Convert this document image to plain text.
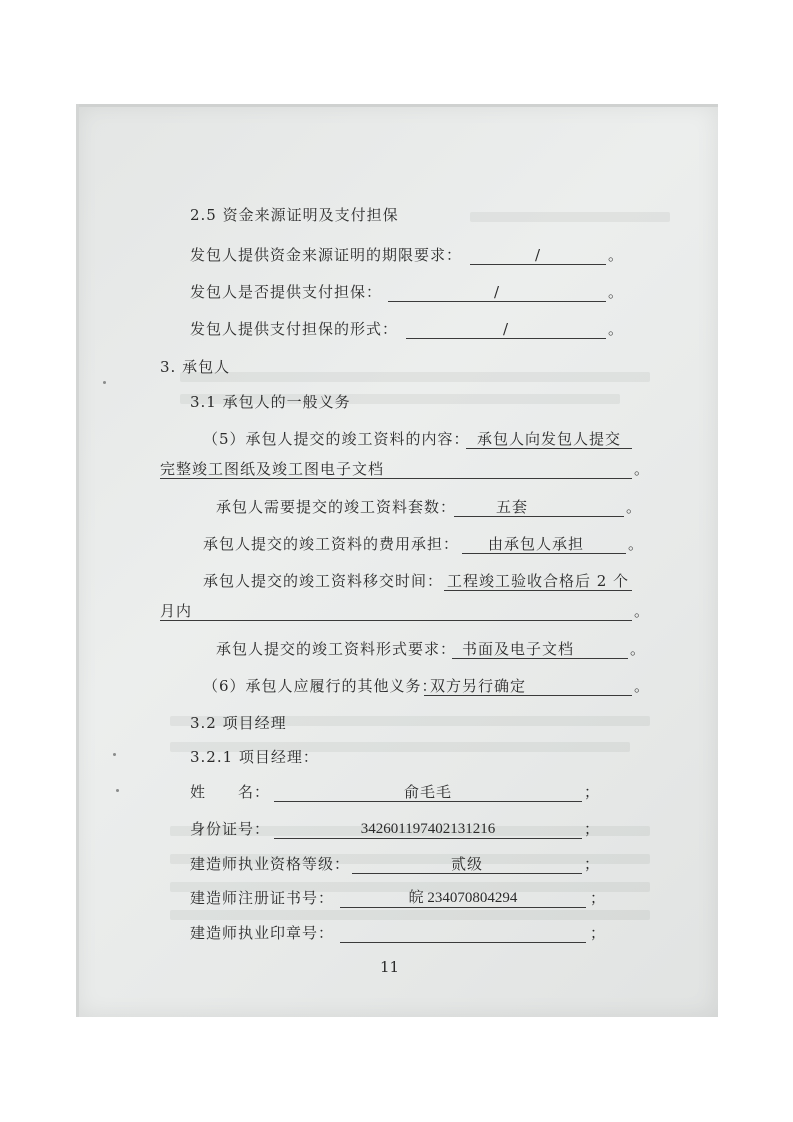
2.5 资金来源证明及支付担保
发包人提供资金来源证明的期限要求：	/	。
发包人是否提供支付担保：	/	。
发包人提供支付担保的形式：	/	。
3. 承包人
3.1 承包人的一般义务
（5）承包人提交的竣工资料的内容： 承包人向发包人提交
完整竣工图纸及竣工图电子文档	。
承包人需要提交的竣工资料套数：	五套	。
承包人提交的竣工资料的费用承担：	由承包人承担	。
承包人提交的竣工资料移交时间： 工程竣工验收合格后 2 个
月内	。
承包人提交的竣工资料形式要求： 书面及电子文档	。
（6）承包人应履行的其他义务：
双方另行确定	。
3.2 项目经理
3.2.1 项目经理：
姓　　名：	俞毛毛	；
身份证号：	342601197402131216	；
建造师执业资格等级：	贰级	；
建造师注册证书号：	皖 234070804294	；
建造师执业印章号：	；
11
